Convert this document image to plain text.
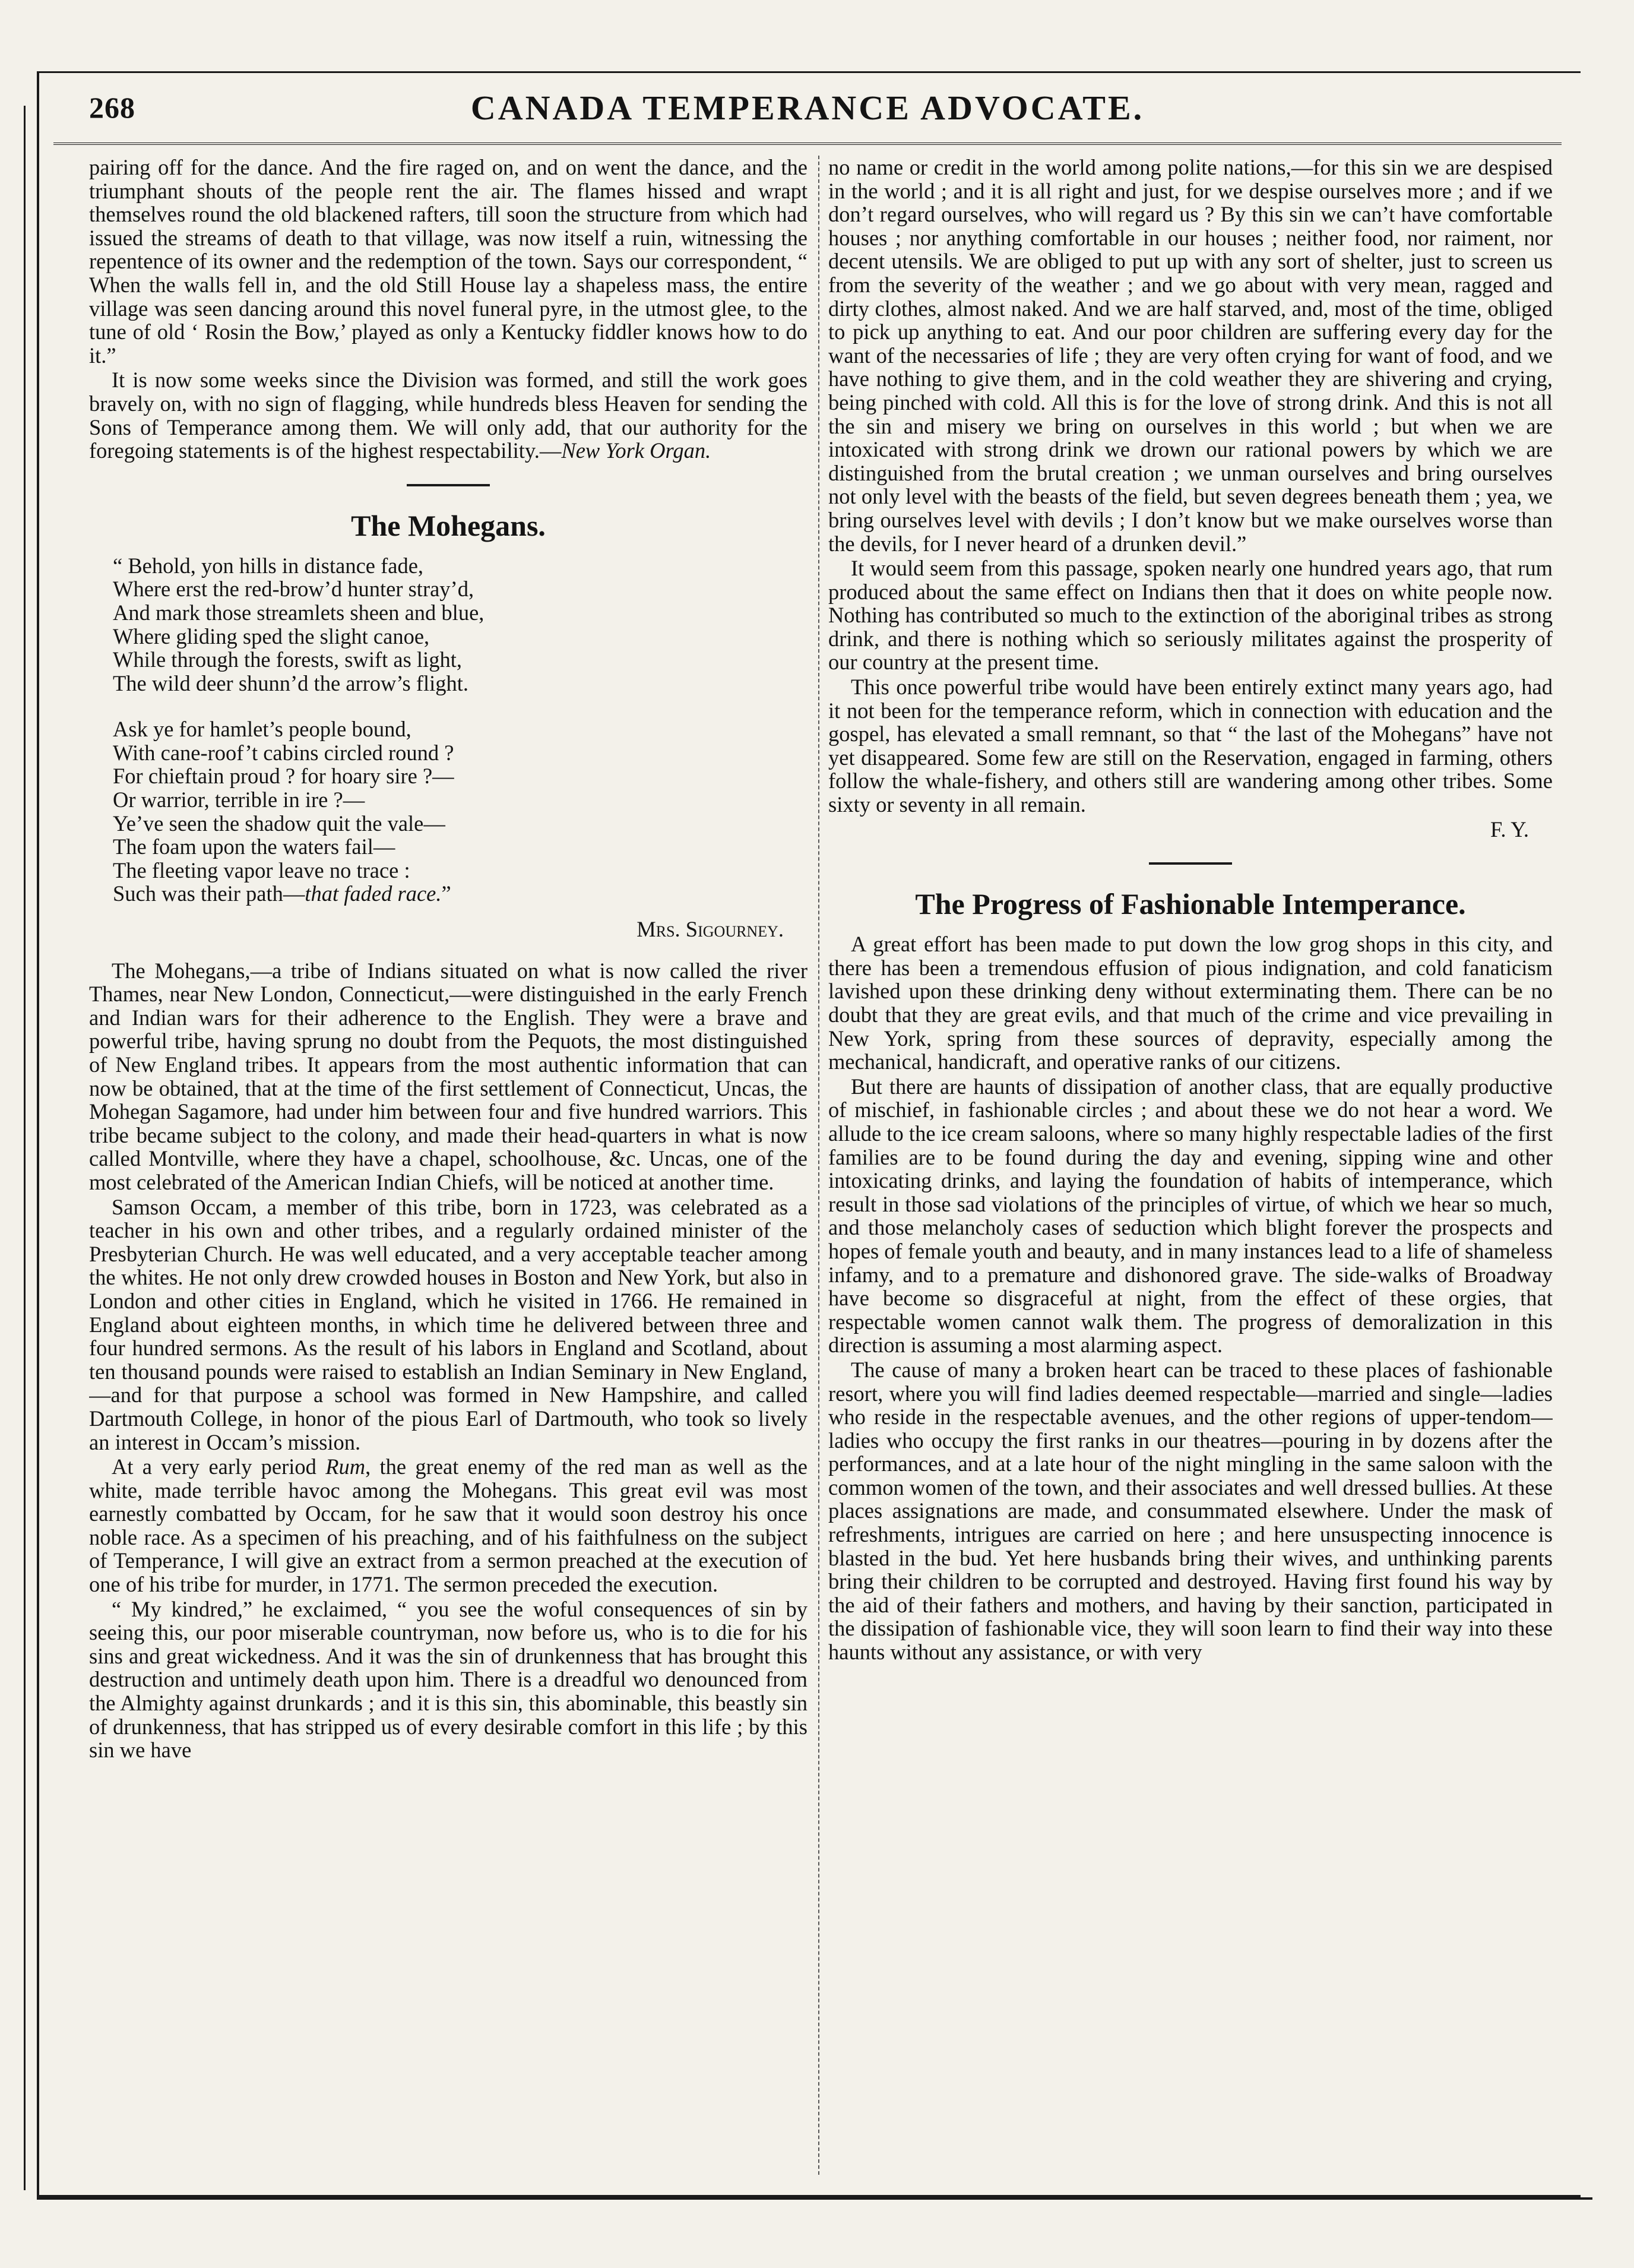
268	CANADA TEMPERANCE ADVOCATE.

pairing off for the dance. And the fire raged on, and on went the dance, and the triumphant shouts of the people rent the air. The flames hissed and wrapt themselves round the old blackened rafters, till soon the structure from which had issued the streams of death to that village, was now itself a ruin, witnessing the repentence of its owner and the redemption of the town. Says our correspondent, “ When the walls fell in, and the old Still House lay a shapeless mass, the entire village was seen dancing around this novel funeral pyre, in the utmost glee, to the tune of old ‘ Rosin the Bow,’ played as only a Kentucky fiddler knows how to do it.”

It is now some weeks since the Division was formed, and still the work goes bravely on, with no sign of flagging, while hundreds bless Heaven for sending the Sons of Temperance among them. We will only add, that our authority for the foregoing statements is of the highest respectability.—New York Organ.

The Mohegans.
“ Behold, yon hills in distance fade,
Where erst the red-brow’d hunter stray’d,
And mark those streamlets sheen and blue,
Where gliding sped the slight canoe,
While through the forests, swift as light,
The wild deer shunn’d the arrow’s flight.
Ask ye for hamlet’s people bound,
With cane-roof’t cabins circled round ?
For chieftain proud ? for hoary sire ?—
Or warrior, terrible in ire ?—
Ye’ve seen the shadow quit the vale—
The foam upon the waters fail—
The fleeting vapor leave no trace :
Such was their path—that faded race.”
Mrs. Sigourney.

The Mohegans,—a tribe of Indians situated on what is now called the river Thames, near New London, Connecticut,—were distinguished in the early French and Indian wars for their adherence to the English. They were a brave and powerful tribe, having sprung no doubt from the Pequots, the most distinguished of New England tribes. It appears from the most authentic information that can now be obtained, that at the time of the first settlement of Connecticut, Uncas, the Mohegan Sagamore, had under him between four and five hundred warriors. This tribe became subject to the colony, and made their head-quarters in what is now called Montville, where they have a chapel, schoolhouse, &c. Uncas, one of the most celebrated of the American Indian Chiefs, will be noticed at another time.

Samson Occam, a member of this tribe, born in 1723, was celebrated as a teacher in his own and other tribes, and a regularly ordained minister of the Presbyterian Church. He was well educated, and a very acceptable teacher among the whites. He not only drew crowded houses in Boston and New York, but also in London and other cities in England, which he visited in 1766. He remained in England about eighteen months, in which time he delivered between three and four hundred sermons. As the result of his labors in England and Scotland, about ten thousand pounds were raised to establish an Indian Seminary in New England,—and for that purpose a school was formed in New Hampshire, and called Dartmouth College, in honor of the pious Earl of Dartmouth, who took so lively an interest in Occam’s mission.

At a very early period Rum, the great enemy of the red man as well as the white, made terrible havoc among the Mohegans. This great evil was most earnestly combatted by Occam, for he saw that it would soon destroy his once noble race. As a specimen of his preaching, and of his faithfulness on the subject of Temperance, I will give an extract from a sermon preached at the execution of one of his tribe for murder, in 1771. The sermon preceded the execution.

“ My kindred,” he exclaimed, “ you see the woful consequences of sin by seeing this, our poor miserable countryman, now before us, who is to die for his sins and great wickedness. And it was the sin of drunkenness that has brought this destruction and untimely death upon him. There is a dreadful wo denounced from the Almighty against drunkards ; and it is this sin, this abominable, this beastly sin of drunkenness, that has stripped us of every desirable comfort in this life ; by this sin we have

no name or credit in the world among polite nations,—for this sin we are despised in the world ; and it is all right and just, for we despise ourselves more ; and if we don’t regard ourselves, who will regard us ? By this sin we can’t have comfortable houses ; nor anything comfortable in our houses ; neither food, nor raiment, nor decent utensils. We are obliged to put up with any sort of shelter, just to screen us from the severity of the weather ; and we go about with very mean, ragged and dirty clothes, almost naked. And we are half starved, and, most of the time, obliged to pick up anything to eat. And our poor children are suffering every day for the want of the necessaries of life ; they are very often crying for want of food, and we have nothing to give them, and in the cold weather they are shivering and crying, being pinched with cold. All this is for the love of strong drink. And this is not all the sin and misery we bring on ourselves in this world ; but when we are intoxicated with strong drink we drown our rational powers by which we are distinguished from the brutal creation ; we unman ourselves and bring ourselves not only level with the beasts of the field, but seven degrees beneath them ; yea, we bring ourselves level with devils ; I don’t know but we make ourselves worse than the devils, for I never heard of a drunken devil.”

It would seem from this passage, spoken nearly one hundred years ago, that rum produced about the same effect on Indians then that it does on white people now. Nothing has contributed so much to the extinction of the aboriginal tribes as strong drink, and there is nothing which so seriously militates against the prosperity of our country at the present time.

This once powerful tribe would have been entirely extinct many years ago, had it not been for the temperance reform, which in connection with education and the gospel, has elevated a small remnant, so that “ the last of the Mohegans” have not yet disappeared. Some few are still on the Reservation, engaged in farming, others follow the whale-fishery, and others still are wandering among other tribes. Some sixty or seventy in all remain.

F. Y.
The Progress of Fashionable Intemperance.

A great effort has been made to put down the low grog shops in this city, and there has been a tremendous effusion of pious indignation, and cold fanaticism lavished upon these drinking deny without exterminating them. There can be no doubt that they are great evils, and that much of the crime and vice prevailing in New York, spring from these sources of depravity, especially among the mechanical, handicraft, and operative ranks of our citizens.

But there are haunts of dissipation of another class, that are equally productive of mischief, in fashionable circles ; and about these we do not hear a word. We allude to the ice cream saloons, where so many highly respectable ladies of the first families are to be found during the day and evening, sipping wine and other intoxicating drinks, and laying the foundation of habits of intemperance, which result in those sad violations of the principles of virtue, of which we hear so much, and those melancholy cases of seduction which blight forever the prospects and hopes of female youth and beauty, and in many instances lead to a life of shameless infamy, and to a premature and dishonored grave. The side-walks of Broadway have become so disgraceful at night, from the effect of these orgies, that respectable women cannot walk them. The progress of demoralization in this direction is assuming a most alarming aspect.

The cause of many a broken heart can be traced to these places of fashionable resort, where you will find ladies deemed respectable—married and single—ladies who reside in the respectable avenues, and the other regions of upper-tendom—ladies who occupy the first ranks in our theatres—pouring in by dozens after the performances, and at a late hour of the night mingling in the same saloon with the common women of the town, and their associates and well dressed bullies. At these places assignations are made, and consummated elsewhere. Under the mask of refreshments, intrigues are carried on here ; and here unsuspecting innocence is blasted in the bud. Yet here husbands bring their wives, and unthinking parents bring their children to be corrupted and destroyed. Having first found his way by the aid of their fathers and mothers, and having by their sanction, participated in the dissipation of fashionable vice, they will soon learn to find their way into these haunts without any assistance, or with very
